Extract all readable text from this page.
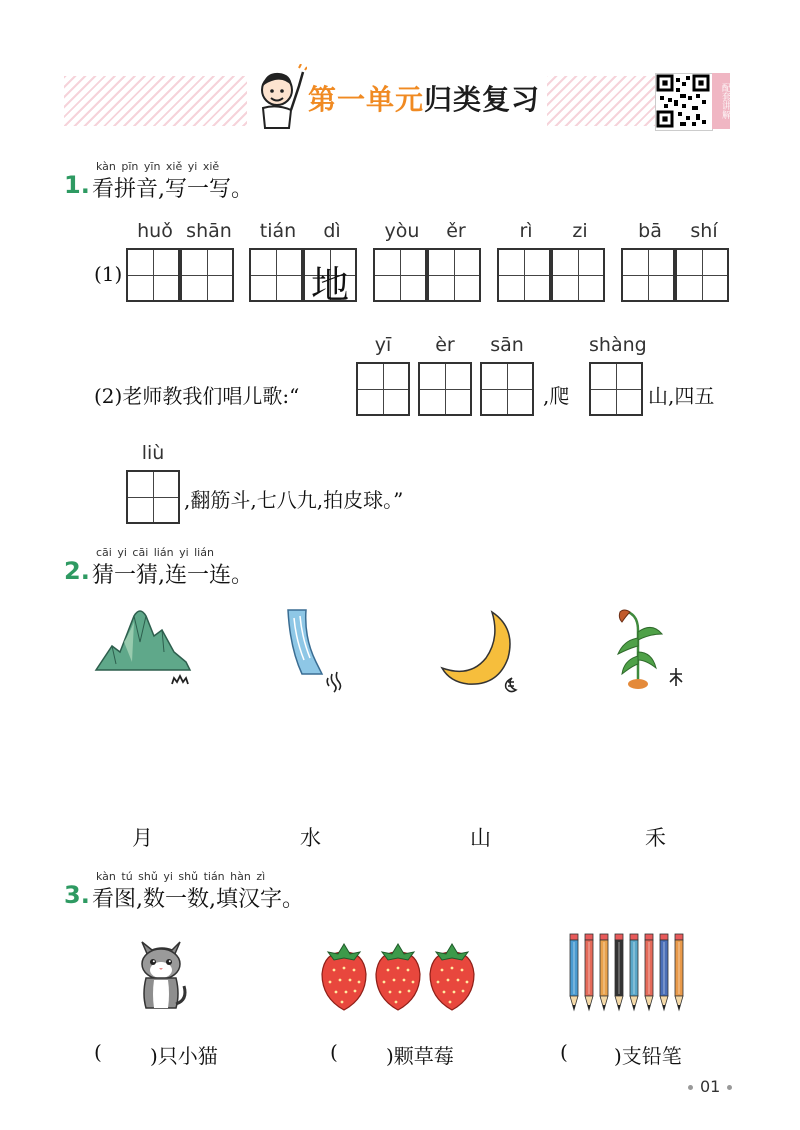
第一单元归类复习	配套讲解
kàn pīn yīn xiě yi xiě
1. 看拼音,写一写。
(1)
huǒ shān	tián	dì
地
yòu	ěr	rì	zi	bā	shí
(2)老师教我们唱儿歌:“
yī	èr	sān	shàng
liù
,爬	山,四五
,翻筋斗,七八九,拍皮球。”
cāi yi cāi lián yi lián
2. 猜一猜,连一连。
月	水	山	禾
kàn tú shǔ yi shǔ tián hàn zì
3. 看图,数一数,填汉字。
( )只小猫	( )颗草莓	( )支铅笔
01
